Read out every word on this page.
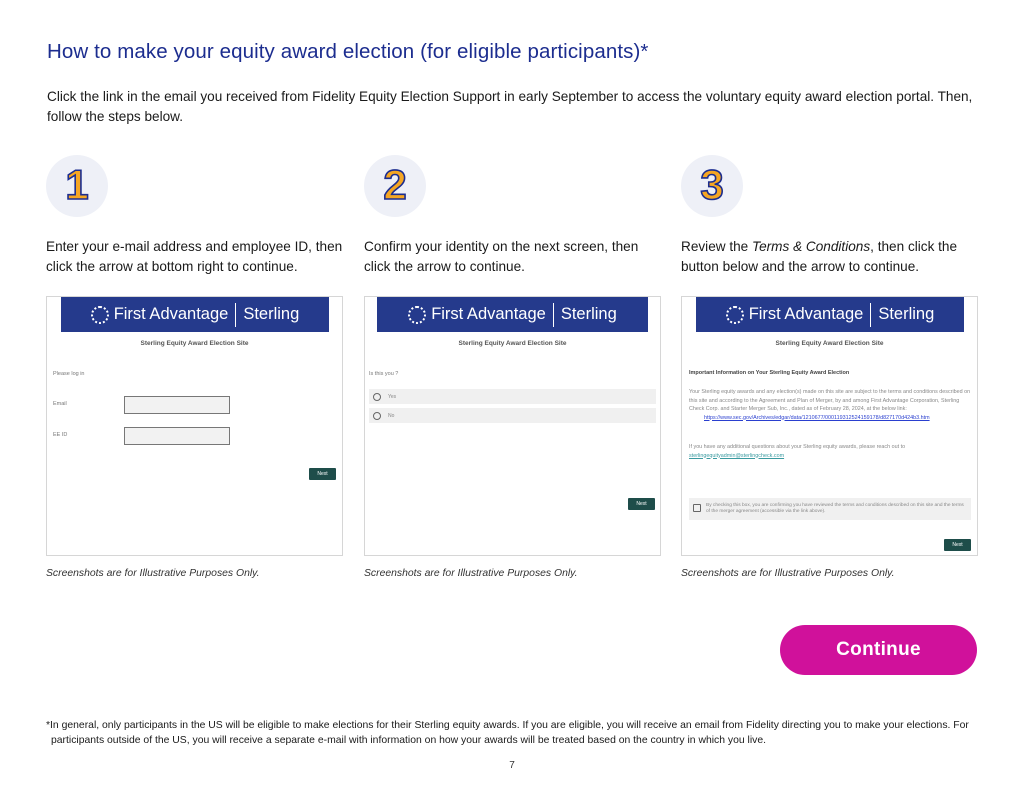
How to make your equity award election (for eligible participants)*

Click the link in the email you received from Fidelity Equity Election Support in early September to access the voluntary equity award election portal. Then, follow the steps below.

1

Enter your e-mail address and employee ID, then click the arrow at bottom right to continue.

First Advantage Sterling
Sterling Equity Award Election Site
Please log in
Email
EE ID
Next

Screenshots are for Illustrative Purposes Only.

2

Confirm your identity on the next screen, then click the arrow to continue.

First Advantage Sterling
Sterling Equity Award Election Site
Is this you ?
Yes
No
Next

Screenshots are for Illustrative Purposes Only.

3

Review the Terms & Conditions, then click the button below and the arrow to continue.

First Advantage Sterling
Sterling Equity Award Election Site
Important Information on Your Sterling Equity Award Election
Your Sterling equity awards and any election(s) made on this site are subject to the terms and conditions described on this site and according to the Agreement and Plan of Merger, by and among First Advantage Corporation, Sterling Check Corp. and Starter Merger Sub, Inc., dated as of February 28, 2024, at the below link:
https://www.sec.gov/Archives/edgar/data/1210677/000119312524159178/d827170d424b3.htm
If you have any additional questions about your Sterling equity awards, please reach out to
sterlingequityadmin@sterlingcheck.com
By checking this box, you are confirming you have reviewed the terms and conditions described on this site and the terms of the merger agreement (accessible via the link above).
Next

Screenshots are for Illustrative Purposes Only.

Continue
*In general, only participants in the US will be eligible to make elections for their Sterling equity awards. If you are eligible, you will receive an email from Fidelity directing you to make your elections. For
participants outside of the US, you will receive a separate e-mail with information on how your awards will be treated based on the country in which you live.
7
